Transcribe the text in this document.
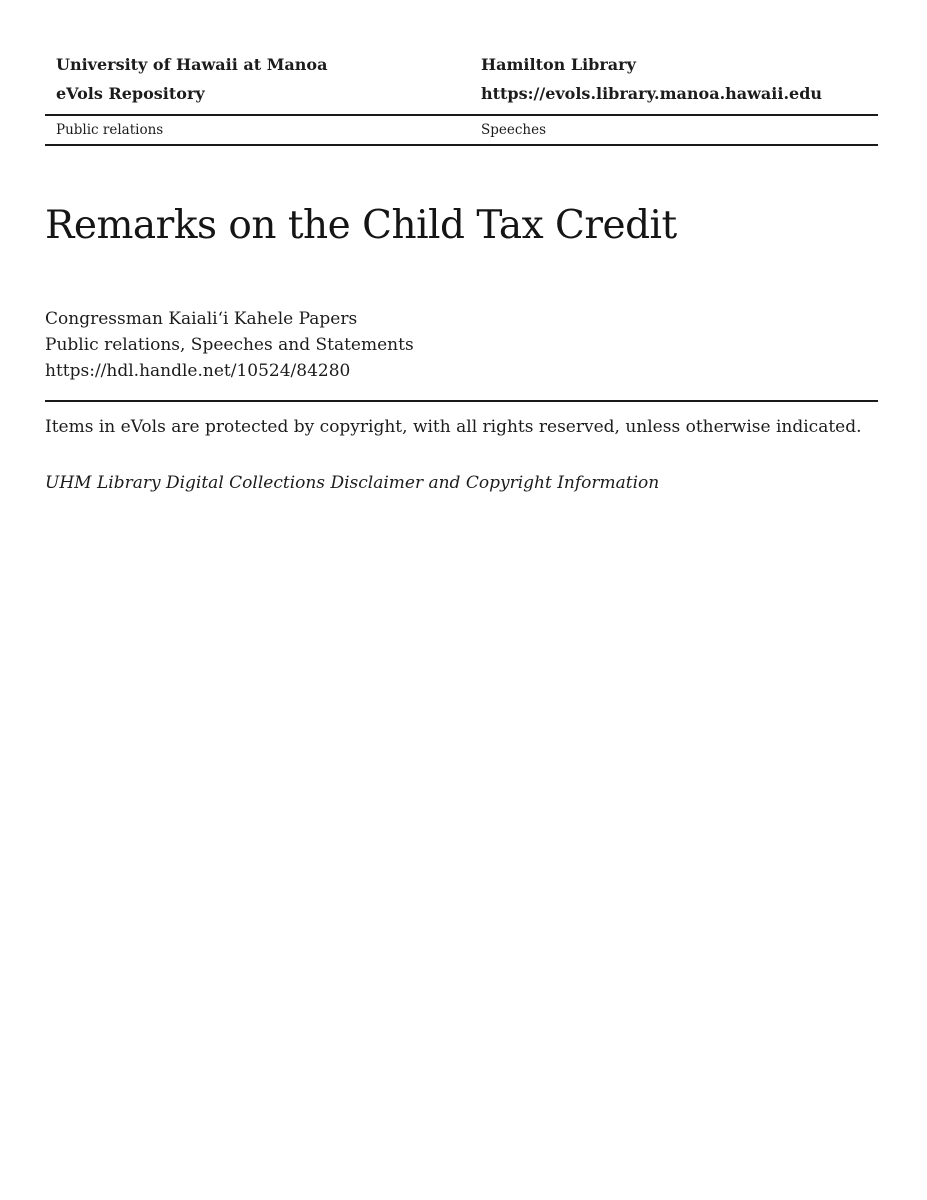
University of Hawaii at Manoa
eVols Repository
Hamilton Library
https://evols.library.manoa.hawaii.edu
Public relations	Speeches
Remarks on the Child Tax Credit
Congressman Kaialiʻi Kahele Papers
Public relations, Speeches and Statements
https://hdl.handle.net/10524/84280
Items in eVols are protected by copyright, with all rights reserved, unless otherwise indicated.
UHM Library Digital Collections Disclaimer and Copyright Information
